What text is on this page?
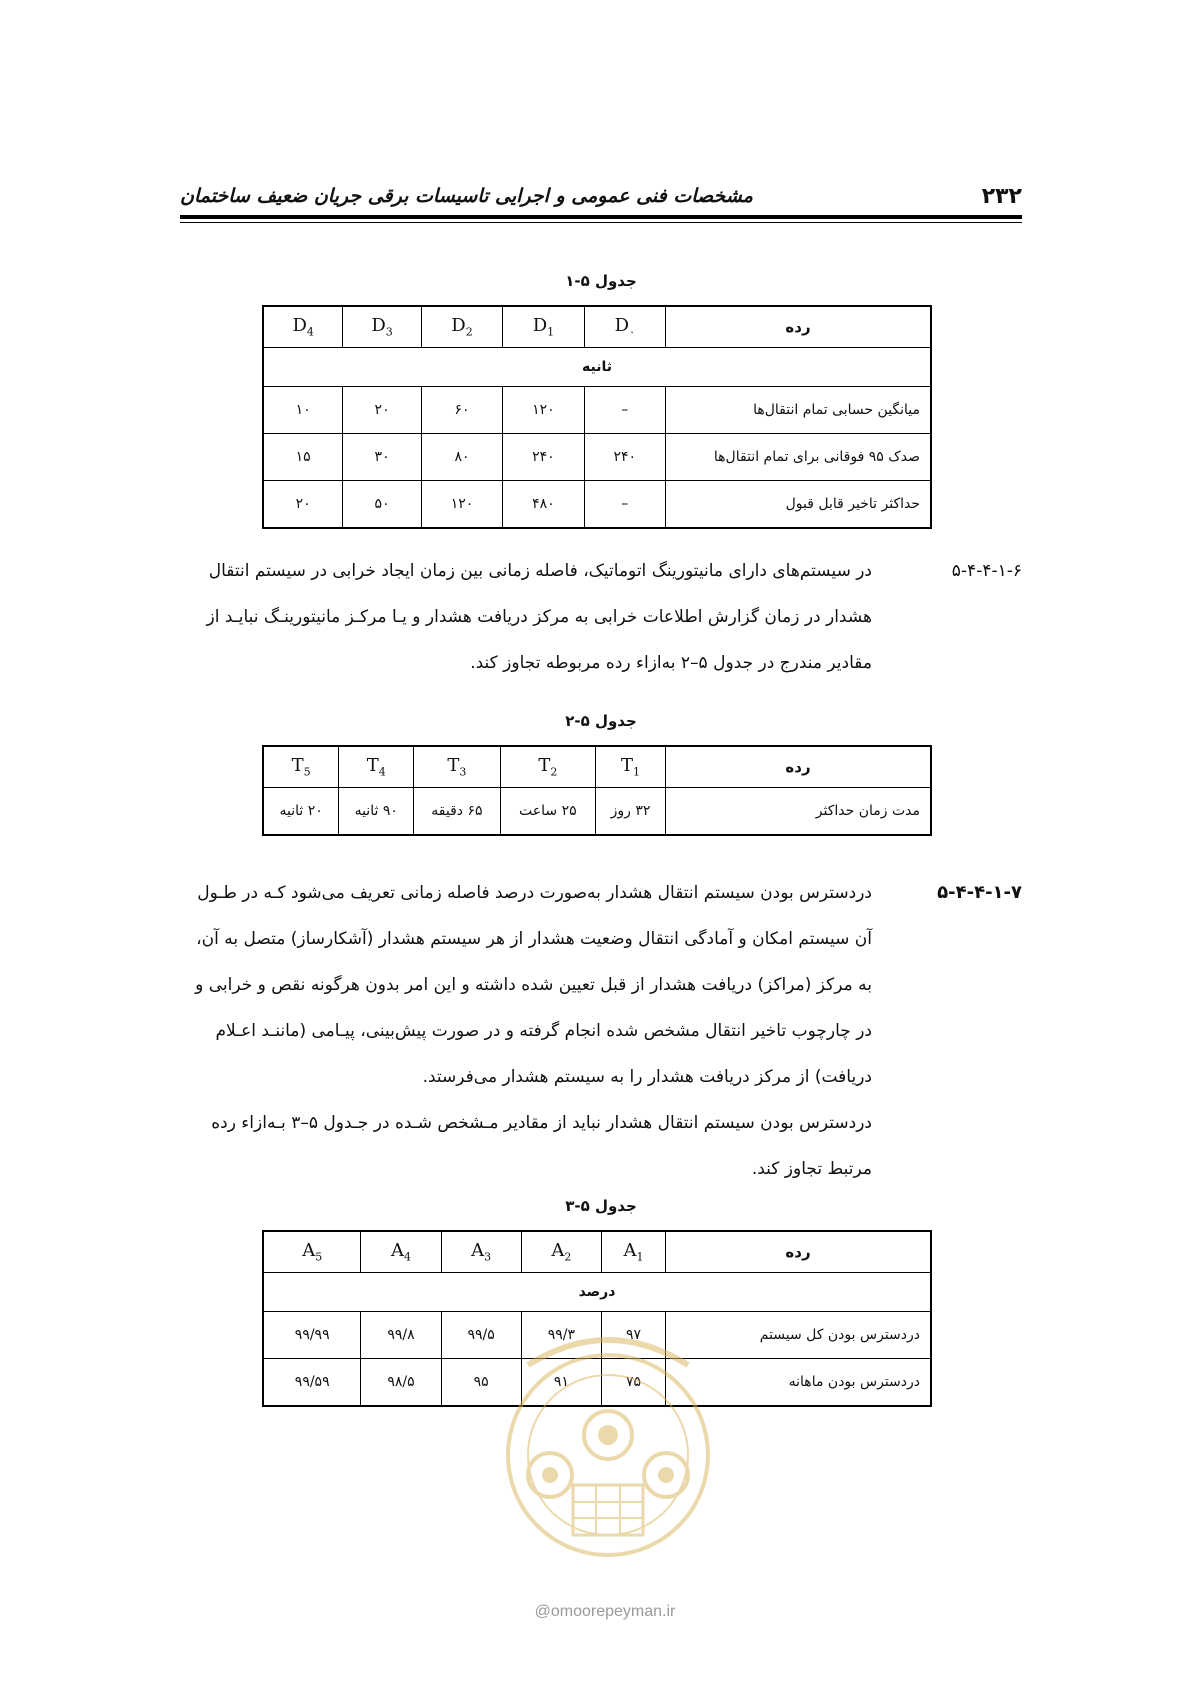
۲۳۲
مشخصات فنی عمومی و اجرایی تاسیسات برقی جریان ضعیف ساختمان
جدول ۵-۱
رده	$D_۰$	$D_1$	$D_2$	$D_3$	$D_4$
ثانیه					
میانگین حسابی تمام انتقال‌ها	–	۱۲۰	۶۰	۲۰	۱۰
صدک ۹۵ فوقانی برای تمام انتقال‌ها	۲۴۰	۲۴۰	۸۰	۳۰	۱۵
حداکثر تاخیر قابل قبول	–	۴۸۰	۱۲۰	۵۰	۲۰
۵-۴-۴-۱-۶
در سیستم‌های دارای مانیتورینگ اتوماتیک، فاصله زمانی بین زمان ایجاد خرابی در سیستم انتقال
هشدار در زمان گزارش اطلاعات خرابی به مرکز دریافت هشدار و یـا مرکـز مانیتورینـگ نبایـد از
مقادیر مندرج در جدول ۵–۲ به‌ازاء رده مربوطه تجاوز کند.
جدول ۵-۲
رده	$T_1$	$T_2$	$T_3$	$T_4$	$T_5$
مدت زمان حداکثر	۳۲ روز	۲۵ ساعت	۶۵ دقیقه	۹۰ ثانیه	۲۰ ثانیه
۵-۴-۴-۱-۷
دردسترس بودن سیستم انتقال هشدار به‌صورت درصد فاصله زمانی تعریف می‌شود کـه در طـول
آن سیستم امکان و آمادگی انتقال وضعیت هشدار از هر سیستم هشدار (آشکارساز) متصل به آن،
به مرکز (مراکز) دریافت هشدار از قبل تعیین شده داشته و این امر بدون هرگونه نقص و خرابی و
در چارچوب تاخیر انتقال مشخص شده انجام گرفته و در صورت پیش‌بینی، پیـامی (ماننـد اعـلام
دریافت) از مرکز دریافت هشدار را به سیستم هشدار می‌فرستد.
دردسترس بودن سیستم انتقال هشدار نباید از مقادیر مـشخص شـده در جـدول ۵–۳ بـه‌ازاء رده
مرتبط تجاوز کند.
جدول ۵-۳
رده	$A_1$	$A_2$	$A_3$	$A_4$	$A_5$
درصد					
دردسترس بودن کل سیستم	۹۷	۹۹/۳	۹۹/۵	۹۹/۸	۹۹/۹۹
دردسترس بودن ماهانه	۷۵	۹۱	۹۵	۹۸/۵	۹۹/۵۹
@omoorepeyman.ir
